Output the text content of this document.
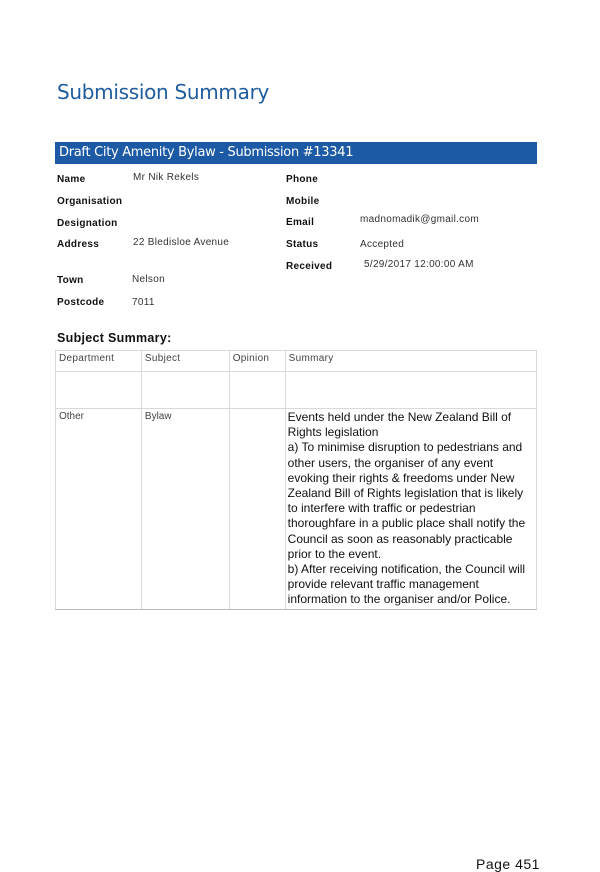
Submission Summary
Draft City Amenity Bylaw - Submission #13341
Name	Mr Nik Rekels
Organisation
Designation
Address	22 Bledisloe Avenue
Town	Nelson
Postcode	7011
Phone
Mobile
Email	madnomadik@gmail.com
Status	Accepted
Received	5/29/2017 12:00:00 AM
Subject Summary:
Department	Subject	Opinion	Summary

Other	Bylaw		Events held under the New Zealand Bill of Rights legislation
a) To minimise disruption to pedestrians and other users, the organiser of any event evoking their rights & freedoms under New Zealand Bill of Rights legislation that is likely to interfere with traffic or pedestrian thoroughfare in a public place shall notify the Council as soon as reasonably practicable prior to the event.
b) After receiving notification, the Council will provide relevant traffic management information to the organiser and/or Police.
Page 451
